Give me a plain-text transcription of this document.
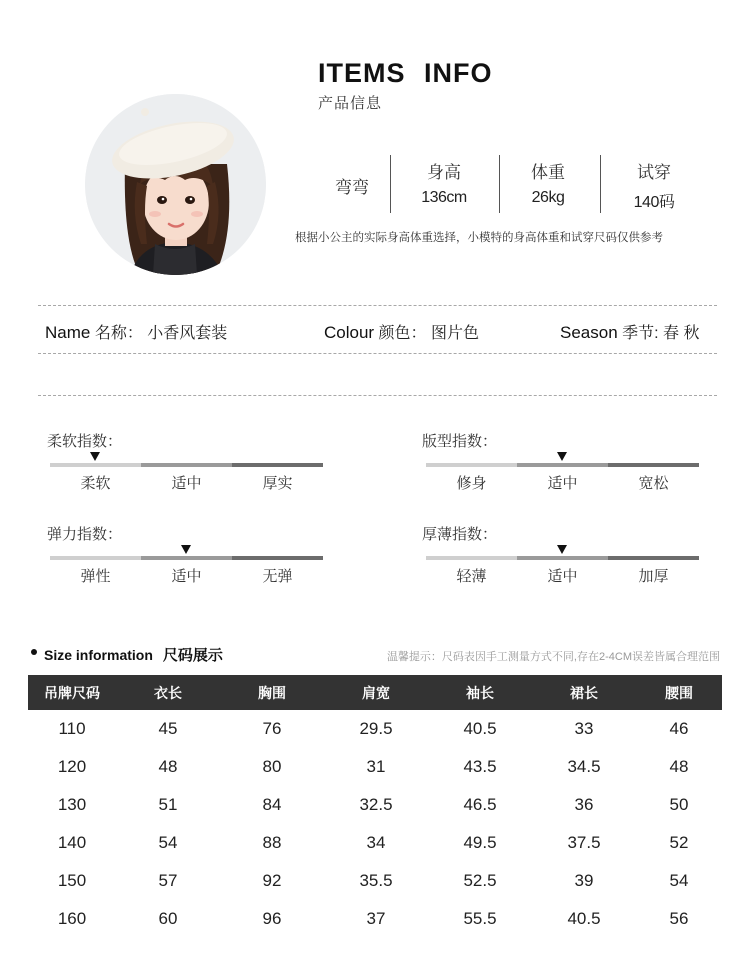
ITEMS INFO
产品信息
弯弯
身高
136cm
体重
26kg
试穿
140码
根据小公主的实际身高体重选择，小模特的身高体重和试穿尺码仅供参考
Name 名称： 小香风套装	Colour 颜色： 图片色	Season 季节: 春 秋
柔软指数：	版型指数：
弹力指数：	厚薄指数：
柔软	适中	厚实	修身	适中	宽松
弹性	适中	无弹	轻薄	适中	加厚
Size information 尺码展示	温馨提示：尺码表因手工测量方式不同,存在2-4CM误差皆属合理范围
吊牌尺码	衣长	胸围	肩宽	袖长	裙长	腰围
110	45	76	29.5	40.5	33	46
120	48	80	31	43.5	34.5	48
130	51	84	32.5	46.5	36	50
140	54	88	34	49.5	37.5	52
150	57	92	35.5	52.5	39	54
160	60	96	37	55.5	40.5	56
